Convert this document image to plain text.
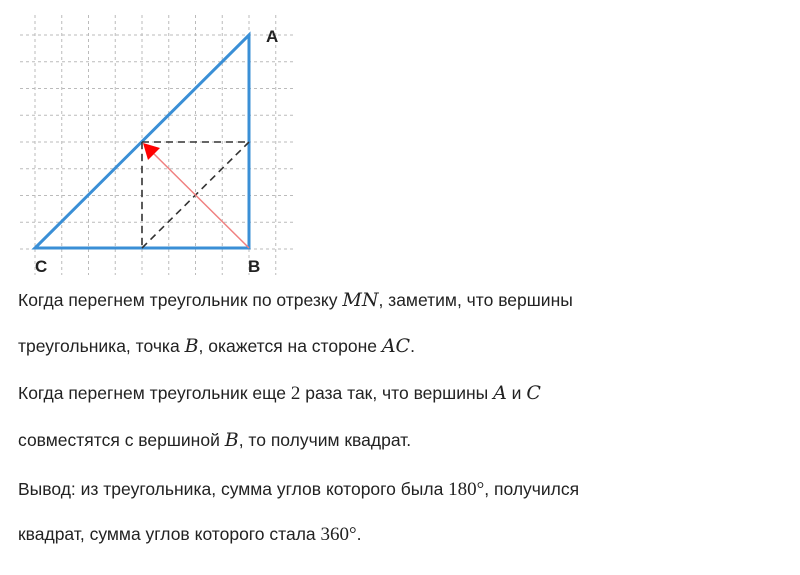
A
B
C
Когда перегнем треугольник по отрезку MN, заметим, что вершины
треугольника, точка B, окажется на стороне AC.
Когда перегнем треугольник еще 2 раза так, что вершины A и C
совместятся с вершиной B, то получим квадрат.
Вывод: из треугольника, сумма углов которого была 180°, получился
квадрат, сумма углов которого стала 360°.
